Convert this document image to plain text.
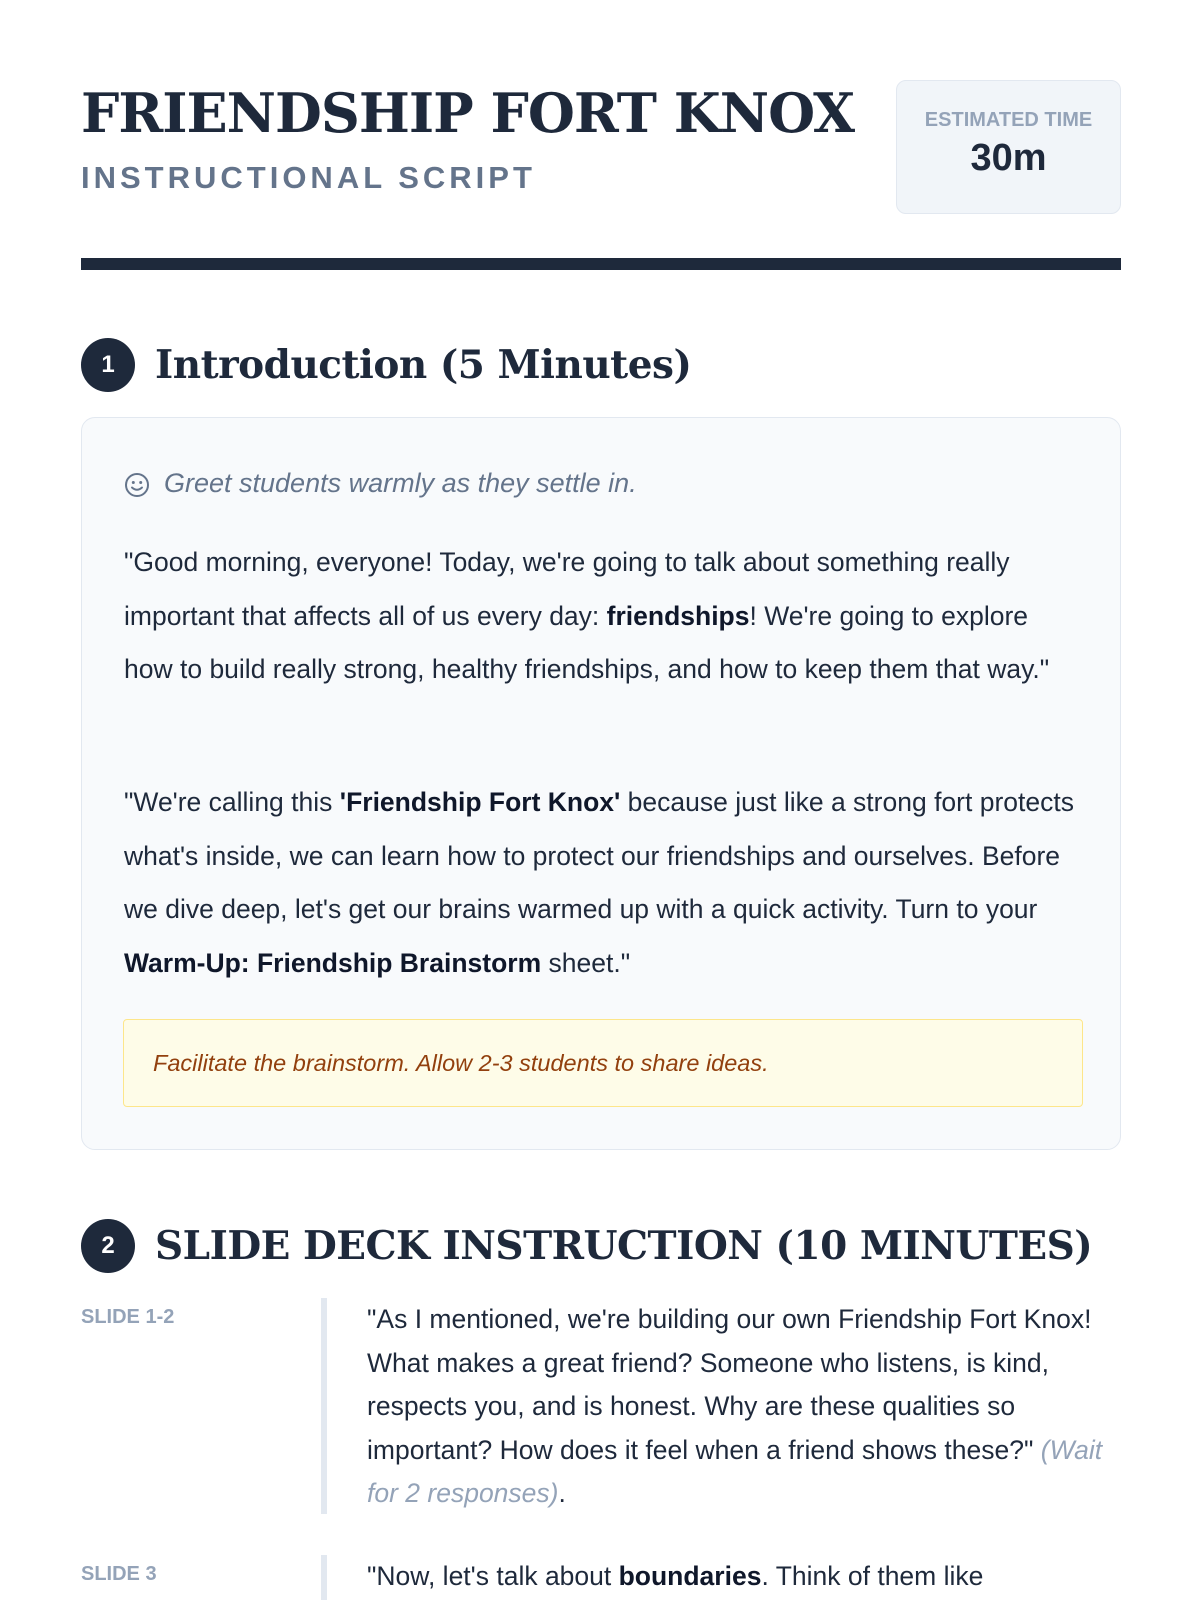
FRIENDSHIP FORT KNOX
INSTRUCTIONAL SCRIPT
ESTIMATED TIME
30m
1	Introduction (5 Minutes)
Greet students warmly as they settle in.
"Good morning, everyone! Today, we're going to talk about something really important that affects all of us every day: friendships! We're going to explore how to build really strong, healthy friendships, and how to keep them that way."
"We're calling this 'Friendship Fort Knox' because just like a strong fort protects what's inside, we can learn how to protect our friendships and ourselves. Before we dive deep, let's get our brains warmed up with a quick activity. Turn to your Warm-Up: Friendship Brainstorm sheet."
Facilitate the brainstorm. Allow 2-3 students to share ideas.
2	SLIDE DECK INSTRUCTION (10 MINUTES)
SLIDE 1-2	"As I mentioned, we're building our own Friendship Fort Knox! What makes a great friend? Someone who listens, is kind, respects you, and is honest. Why are these qualities so important? How does it feel when a friend shows these?" (Wait for 2 responses).
SLIDE 3	"Now, let's talk about boundaries. Think of them like
